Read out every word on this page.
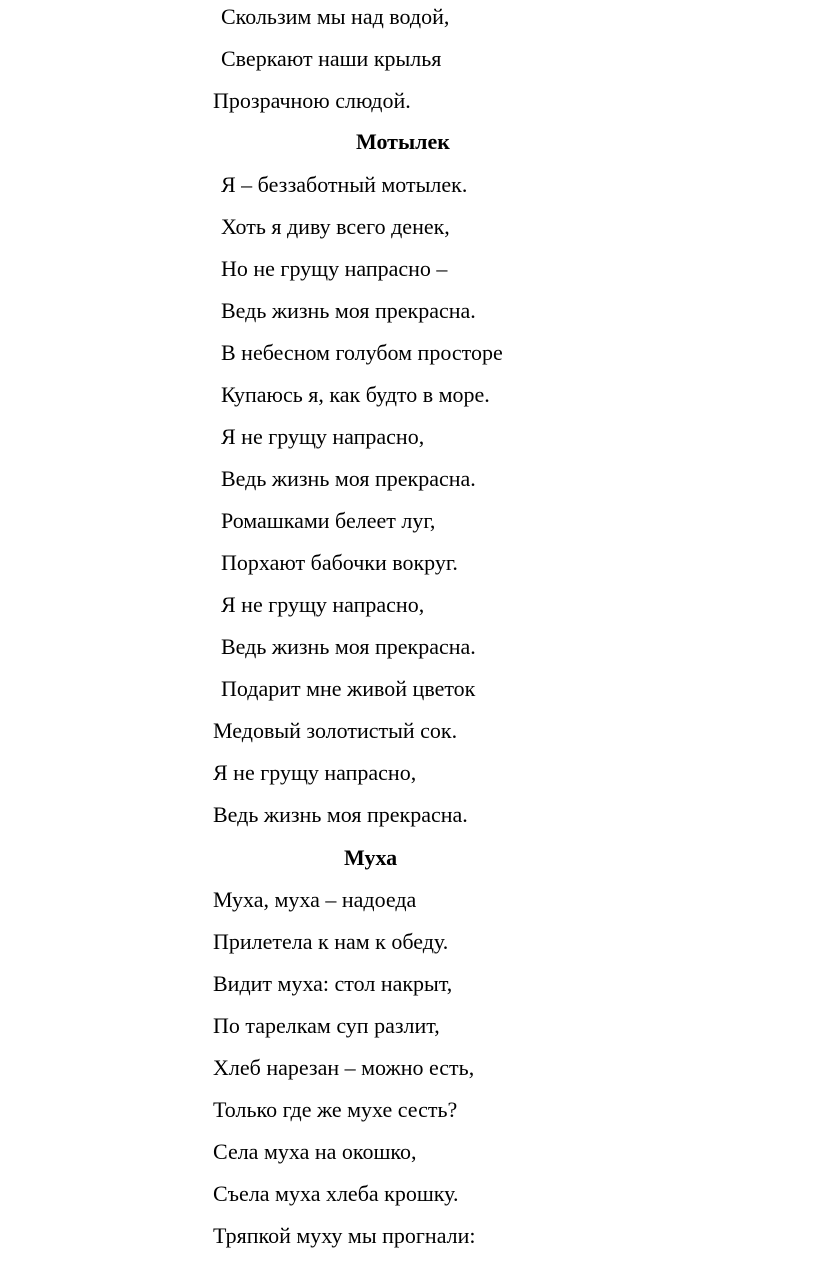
Скользим мы над водой,
Сверкают наши крылья
Прозрачною слюдой.
Мотылек
Я – беззаботный мотылек.
Хоть я диву всего денек,
Но не грущу напрасно –
Ведь жизнь моя прекрасна.
В небесном голубом просторе
Купаюсь я, как будто в море.
Я не грущу напрасно,
Ведь жизнь моя прекрасна.
Ромашками белеет луг,
Порхают бабочки вокруг.
Я не грущу напрасно,
Ведь жизнь моя прекрасна.
Подарит мне живой цветок
Медовый золотистый сок.
Я не грущу напрасно,
Ведь жизнь моя прекрасна.
Муха
Муха, муха – надоеда
Прилетела к нам к обеду.
Видит муха: стол накрыт,
По тарелкам суп разлит,
Хлеб нарезан – можно есть,
Только где же мухе сесть?
Села муха на окошко,
Съела муха хлеба крошку.
Тряпкой муху мы прогнали:
